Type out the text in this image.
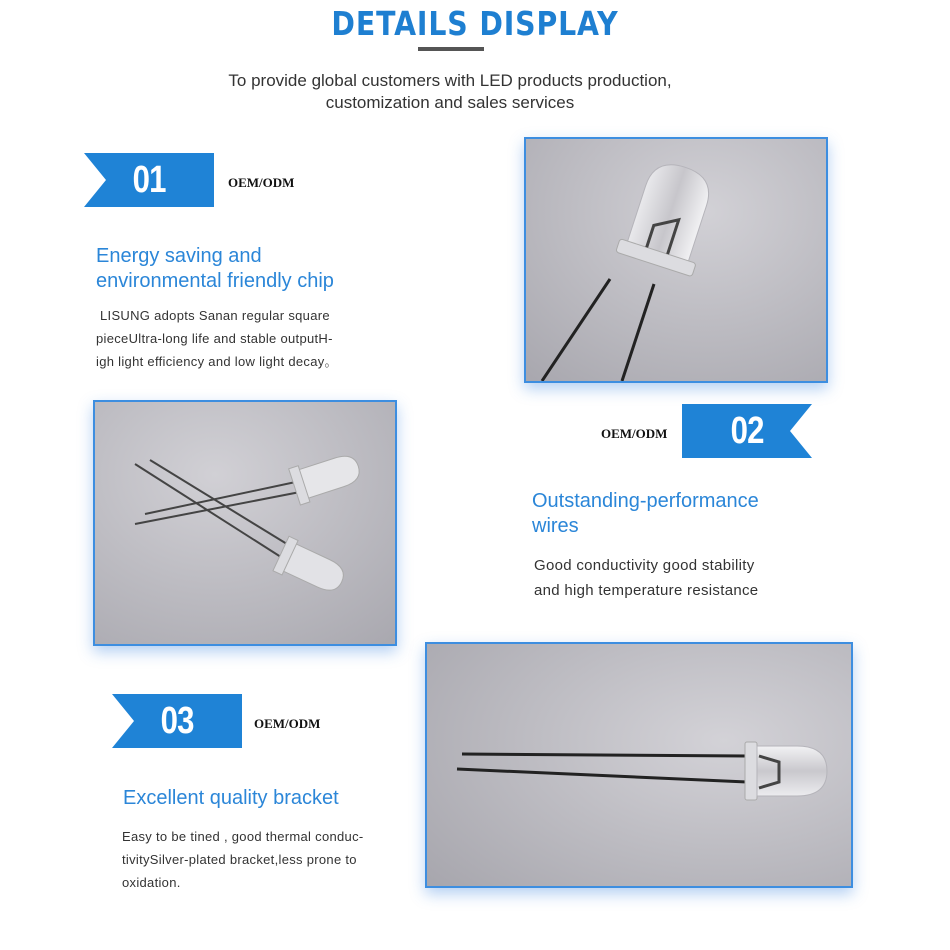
DETAILS DISPLAY
To provide global customers with LED products production,
customization and sales services
01	OEM/ODM
Energy saving and
environmental friendly chip
LISUNG adopts Sanan regular square
pieceUltra-long life and stable outputH-
igh light efficiency and low light decay。
OEM/ODM 02
Outstanding-performance
wires
Good conductivity good stability
and high temperature resistance
03	OEM/ODM
Excellent quality bracket
Easy to be tined , good thermal conduc-
tivitySilver-plated bracket,less prone to
oxidation.
